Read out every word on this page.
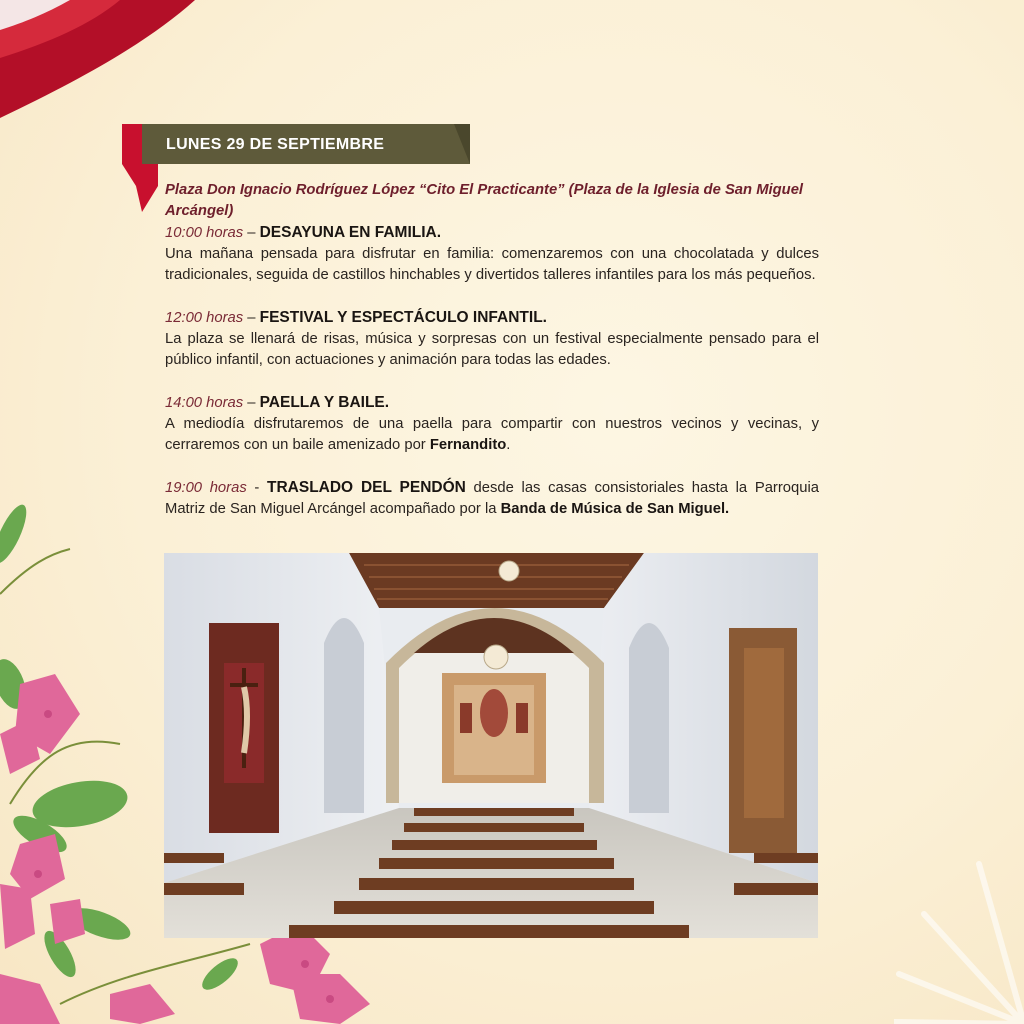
LUNES 29 DE SEPTIEMBRE

Plaza Don Ignacio Rodríguez López “Cito El Practicante” (Plaza de la Iglesia de San Miguel Arcángel)

10:00 horas – DESAYUNA EN FAMILIA.

Una mañana pensada para disfrutar en familia: comenzaremos con una chocolatada y dulces tradicionales, seguida de castillos hinchables y divertidos talleres infantiles para los más pequeños.

12:00 horas – FESTIVAL Y ESPECTÁCULO INFANTIL.

La plaza se llenará de risas, música y sorpresas con un festival especialmente pensado para el público infantil, con actuaciones y animación para todas las edades.

14:00 horas – PAELLA Y BAILE.

A mediodía disfrutaremos de una paella para compartir con nuestros vecinos y vecinas, y cerraremos con un baile amenizado por Fernandito.

19:00 horas - TRASLADO DEL PENDÓN desde las casas consistoriales hasta la Parroquia Matriz de San Miguel Arcángel acompañado por la Banda de Música de San Miguel.
